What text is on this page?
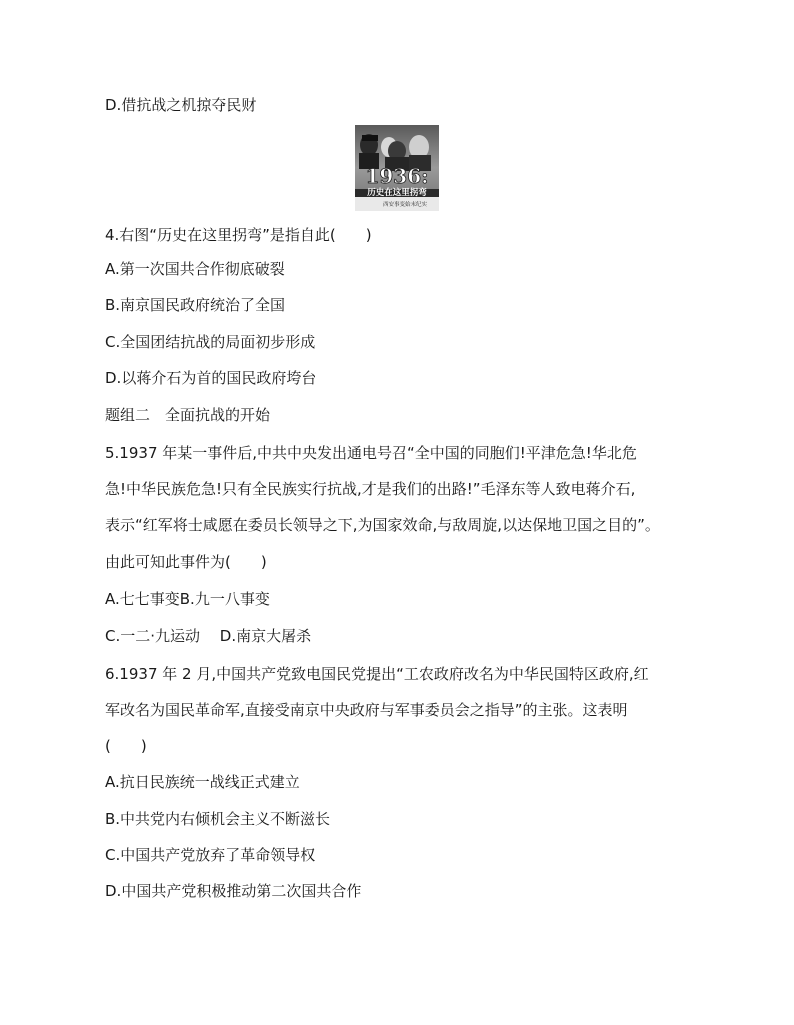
D.借抗战之机掠夺民财
1936:
历史在这里拐弯
西安事变始末纪实
4.右图“历史在这里拐弯”是指自此(　　)
A.第一次国共合作彻底破裂
B.南京国民政府统治了全国
C.全国团结抗战的局面初步形成
D.以蒋介石为首的国民政府垮台
题组二　全面抗战的开始
5.1937 年某一事件后,中共中央发出通电号召“全中国的同胞们!平津危急!华北危
急!中华民族危急!只有全民族实行抗战,才是我们的出路!”毛泽东等人致电蒋介石,
表示“红军将士咸愿在委员长领导之下,为国家效命,与敌周旋,以达保地卫国之目的”。
由此可知此事件为(　　)
A.七七事变B.九一八事变
C.一二·九运动　 D.南京大屠杀
6.1937 年 2 月,中国共产党致电国民党提出“工农政府改名为中华民国特区政府,红
军改名为国民革命军,直接受南京中央政府与军事委员会之指导”的主张。这表明
(　　)
A.抗日民族统一战线正式建立
B.中共党内右倾机会主义不断滋长
C.中国共产党放弃了革命领导权
D.中国共产党积极推动第二次国共合作
